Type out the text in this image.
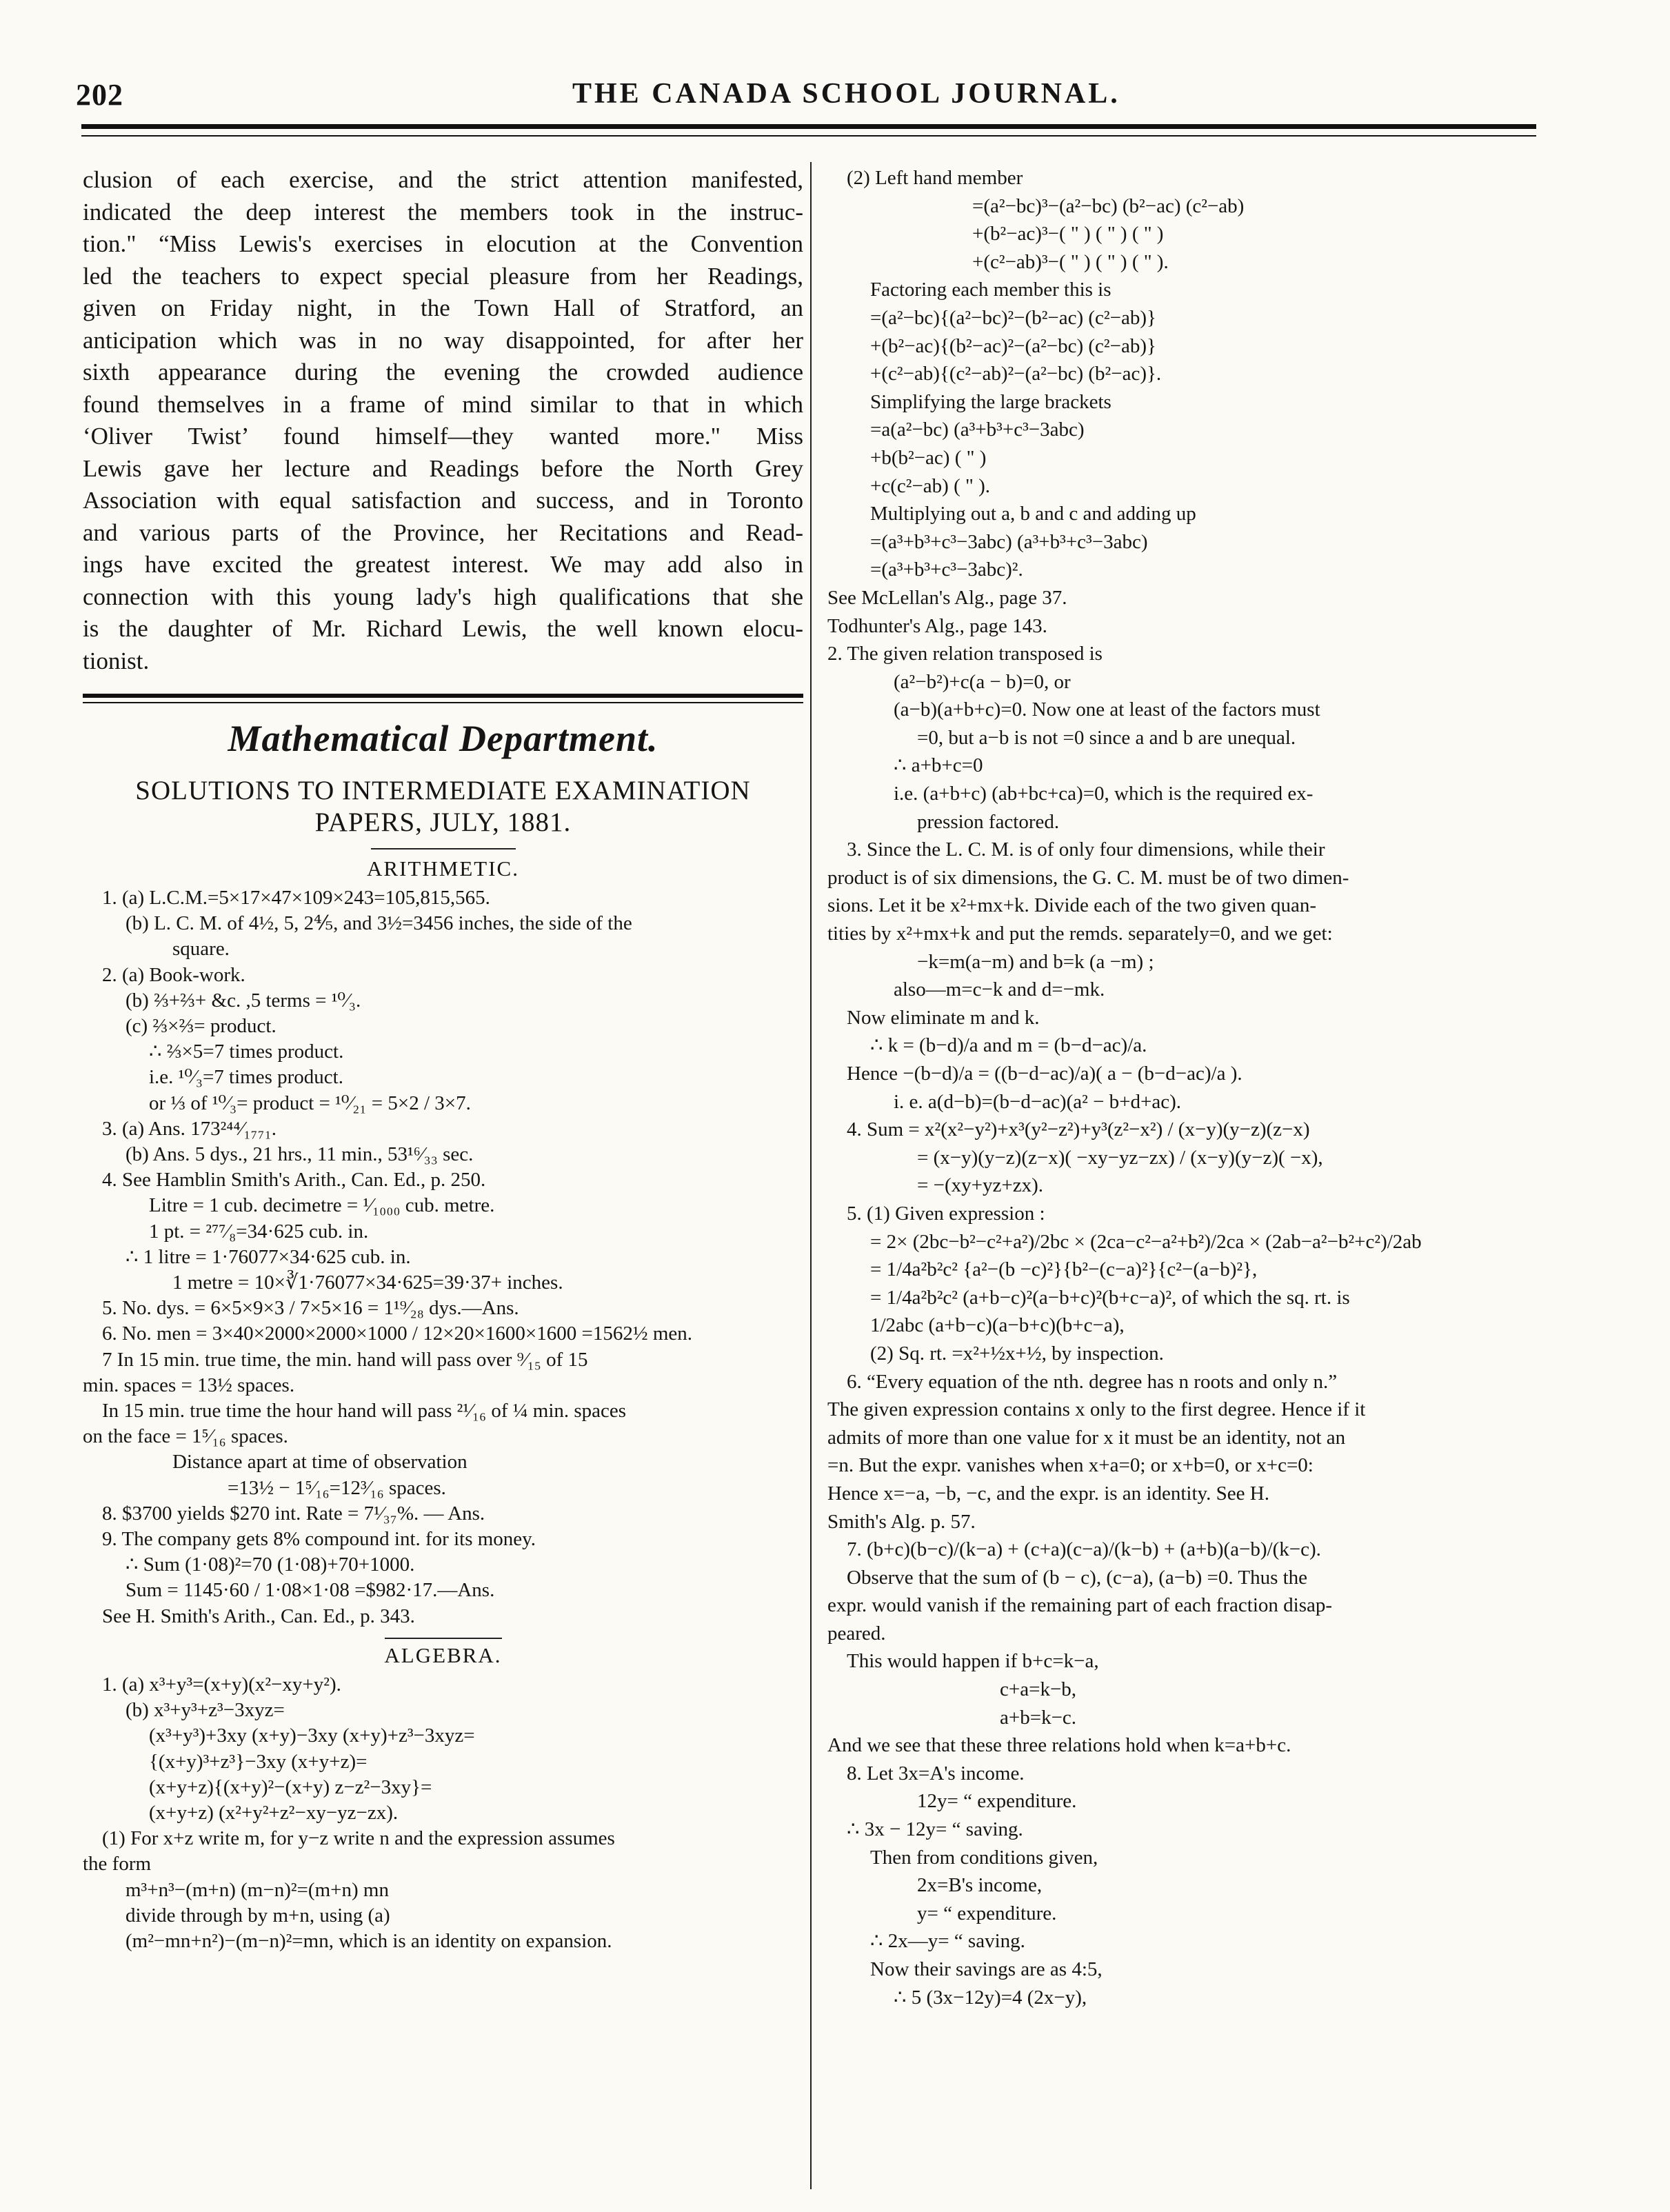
202	THE CANADA SCHOOL JOURNAL.
clusion of each exercise, and the strict attention manifested,
indicated the deep interest the members took in the instruc-
tion." “Miss Lewis's exercises in elocution at the Convention
led the teachers to expect special pleasure from her Readings,
given on Friday night, in the Town Hall of Stratford, an
anticipation which was in no way disappointed, for after her
sixth appearance during the evening the crowded audience
found themselves in a frame of mind similar to that in which
‘Oliver Twist’ found himself—they wanted more." Miss
Lewis gave her lecture and Readings before the North Grey
Association with equal satisfaction and success, and in Toronto
and various parts of the Province, her Recitations and Read-
ings have excited the greatest interest. We may add also in
connection with this young lady's high qualifications that she
is the daughter of Mr. Richard Lewis, the well known elocu-
tionist.
Mathematical Department.
SOLUTIONS TO INTERMEDIATE EXAMINATION
PAPERS, JULY, 1881.
ARITHMETIC.
1. (a) L.C.M.=5×17×47×109×243=105,815,565.
(b) L. C. M. of 4½, 5, 2⅘, and 3½=3456 inches, the side of the
square.
2. (a) Book-work.
(b) ⅔+⅔+ &c. ,5 terms = ¹⁰⁄₃.
(c) ⅔×⅔= product.
∴ ⅔×5=7 times product.
i.e. ¹⁰⁄₃=7 times product.
or ⅓ of ¹⁰⁄₃= product = ¹⁰⁄₂₁ = 5×2 / 3×7.
3. (a) Ans. 173²⁴⁴⁄₁₇₇₁.
(b) Ans. 5 dys., 21 hrs., 11 min., 53¹⁶⁄₃₃ sec.
4. See Hamblin Smith's Arith., Can. Ed., p. 250.
Litre = 1 cub. decimetre = ¹⁄₁₀₀₀ cub. metre.
1 pt. = ²⁷⁷⁄₈=34·625 cub. in.
∴ 1 litre = 1·76077×34·625 cub. in.
1 metre = 10×∛1·76077×34·625=39·37+ inches.
5. No. dys. = 6×5×9×3 / 7×5×16 = 1¹⁹⁄₂₈ dys.—Ans.
6. No. men = 3×40×2000×2000×1000 / 12×20×1600×1600 =1562½ men.
7 In 15 min. true time, the min. hand will pass over ⁹⁄₁₅ of 15
min. spaces = 13½ spaces.
In 15 min. true time the hour hand will pass ²¹⁄₁₆ of ¼ min. spaces
on the face = 1⁵⁄₁₆ spaces.
Distance apart at time of observation
=13½ − 1⁵⁄₁₆=12³⁄₁₆ spaces.
8. $3700 yields $270 int. Rate = 7¹⁄₃₇%. — Ans.
9. The company gets 8% compound int. for its money.
∴ Sum (1·08)²=70 (1·08)+70+1000.
Sum = 1145·60 / 1·08×1·08 =$982·17.—Ans.
See H. Smith's Arith., Can. Ed., p. 343.
ALGEBRA.
1. (a) x³+y³=(x+y)(x²−xy+y²).
(b) x³+y³+z³−3xyz=
(x³+y³)+3xy (x+y)−3xy (x+y)+z³−3xyz=
{(x+y)³+z³}−3xy (x+y+z)=
(x+y+z){(x+y)²−(x+y) z−z²−3xy}=
(x+y+z) (x²+y²+z²−xy−yz−zx).
(1) For x+z write m, for y−z write n and the expression assumes
the form
m³+n³−(m+n) (m−n)²=(m+n) mn
divide through by m+n, using (a)
(m²−mn+n²)−(m−n)²=mn, which is an identity on expansion.
(2) Left hand member
=(a²−bc)³−(a²−bc) (b²−ac) (c²−ab)
+(b²−ac)³−( " ) ( " ) ( " )
+(c²−ab)³−( " ) ( " ) ( " ).
Factoring each member this is
=(a²−bc){(a²−bc)²−(b²−ac) (c²−ab)}
+(b²−ac){(b²−ac)²−(a²−bc) (c²−ab)}
+(c²−ab){(c²−ab)²−(a²−bc) (b²−ac)}.
Simplifying the large brackets
=a(a²−bc) (a³+b³+c³−3abc)
+b(b²−ac) ( " )
+c(c²−ab) ( " ).
Multiplying out a, b and c and adding up
=(a³+b³+c³−3abc) (a³+b³+c³−3abc)
=(a³+b³+c³−3abc)².
See McLellan's Alg., page 37.
Todhunter's Alg., page 143.
2. The given relation transposed is
(a²−b²)+c(a − b)=0, or
(a−b)(a+b+c)=0. Now one at least of the factors must
=0, but a−b is not =0 since a and b are unequal.
∴ a+b+c=0
i.e. (a+b+c) (ab+bc+ca)=0, which is the required ex-
pression factored.
3. Since the L. C. M. is of only four dimensions, while their
product is of six dimensions, the G. C. M. must be of two dimen-
sions. Let it be x²+mx+k. Divide each of the two given quan-
tities by x²+mx+k and put the remds. separately=0, and we get:
−k=m(a−m) and b=k (a −m) ;
also—m=c−k and d=−mk.
Now eliminate m and k.
∴ k = (b−d)/a and m = (b−d−ac)/a.
Hence −(b−d)/a = ((b−d−ac)/a)( a − (b−d−ac)/a ).
i. e. a(d−b)=(b−d−ac)(a² − b+d+ac).
4. Sum = x²(x²−y²)+x³(y²−z²)+y³(z²−x²) / (x−y)(y−z)(z−x)
= (x−y)(y−z)(z−x)( −xy−yz−zx) / (x−y)(y−z)( −x),
= −(xy+yz+zx).
5. (1) Given expression :
= 2× (2bc−b²−c²+a²)/2bc × (2ca−c²−a²+b²)/2ca × (2ab−a²−b²+c²)/2ab
= 1/4a²b²c² {a²−(b −c)²}{b²−(c−a)²}{c²−(a−b)²},
= 1/4a²b²c² (a+b−c)²(a−b+c)²(b+c−a)², of which the sq. rt. is
1/2abc (a+b−c)(a−b+c)(b+c−a),
(2) Sq. rt. =x²+½x+½, by inspection.
6. “Every equation of the nth. degree has n roots and only n.”
The given expression contains x only to the first degree. Hence if it
admits of more than one value for x it must be an identity, not an
=n. But the expr. vanishes when x+a=0; or x+b=0, or x+c=0:
Hence x=−a, −b, −c, and the expr. is an identity. See H.
Smith's Alg. p. 57.
7. (b+c)(b−c)/(k−a) + (c+a)(c−a)/(k−b) + (a+b)(a−b)/(k−c).
Observe that the sum of (b − c), (c−a), (a−b) =0. Thus the
expr. would vanish if the remaining part of each fraction disap-
peared.
This would happen if b+c=k−a,
c+a=k−b,
a+b=k−c.
And we see that these three relations hold when k=a+b+c.
8. Let 3x=A's income.
12y= “ expenditure.
∴ 3x − 12y= “ saving.
Then from conditions given,
2x=B's income,
y= “ expenditure.
∴ 2x—y= “ saving.
Now their savings are as 4:5,
∴ 5 (3x−12y)=4 (2x−y),
